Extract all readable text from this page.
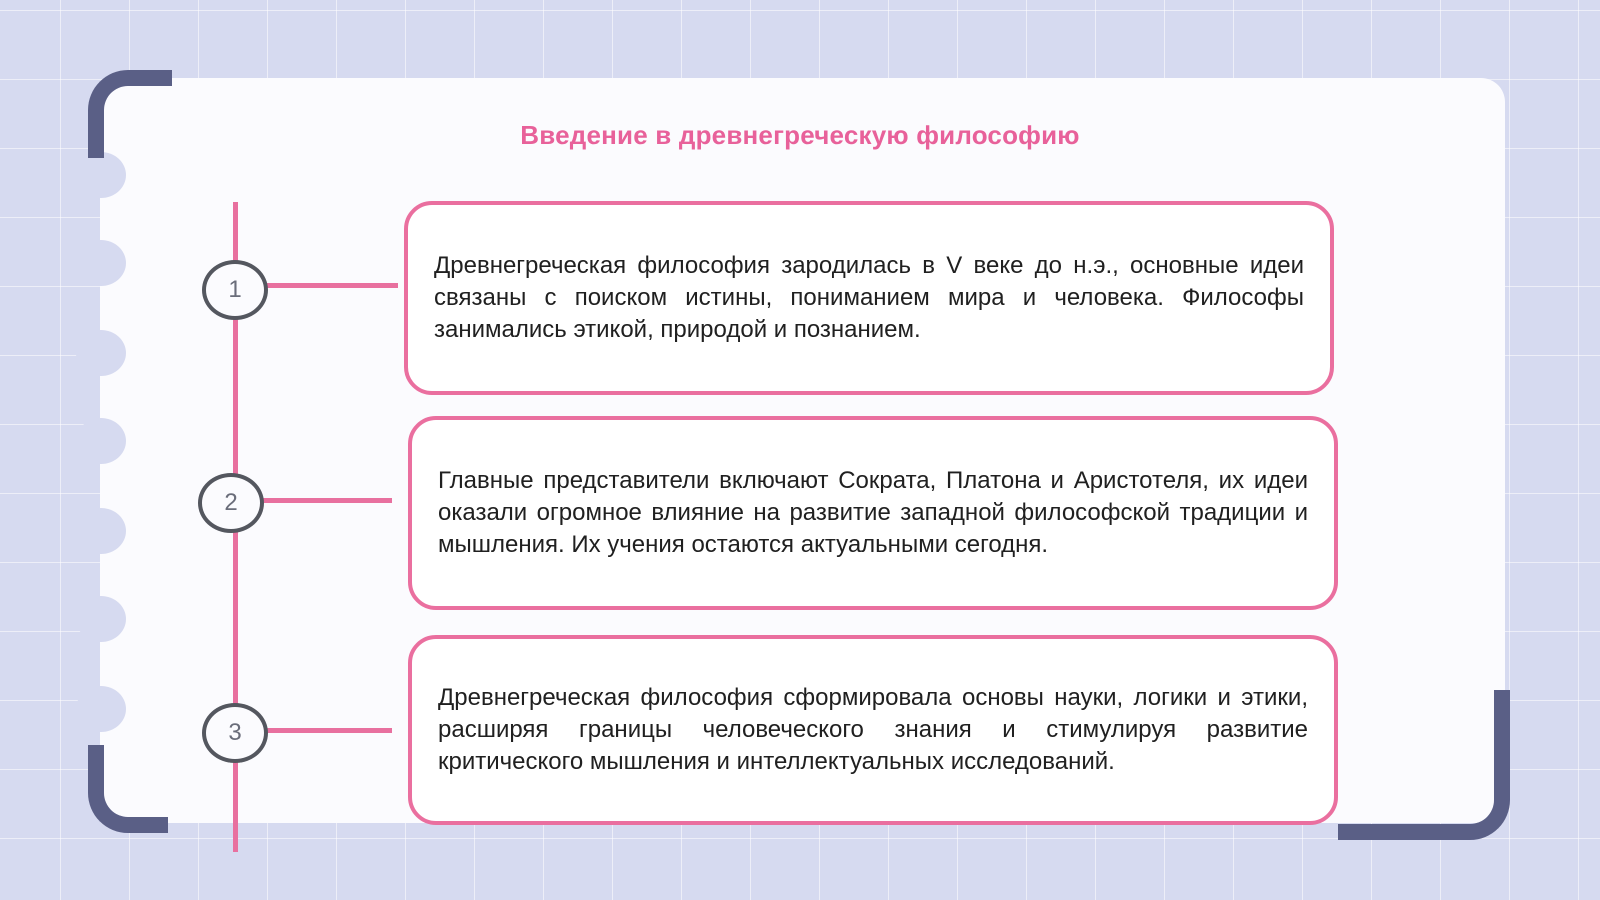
Введение в древнегреческую философию
1
2
3

Древнегреческая философия зародилась в V веке до н.э., основные идеи связаны с поиском истины, пониманием мира и человека. Философы занимались этикой, природой и познанием.

Главные представители включают Сократа, Платона и Аристотеля, их идеи оказали огромное влияние на развитие западной философской традиции и мышления. Их учения остаются актуальными сегодня.

Древнегреческая философия сформировала основы науки, логики и этики, расширяя границы человеческого знания и стимулируя развитие критического мышления и интеллектуальных исследований.
